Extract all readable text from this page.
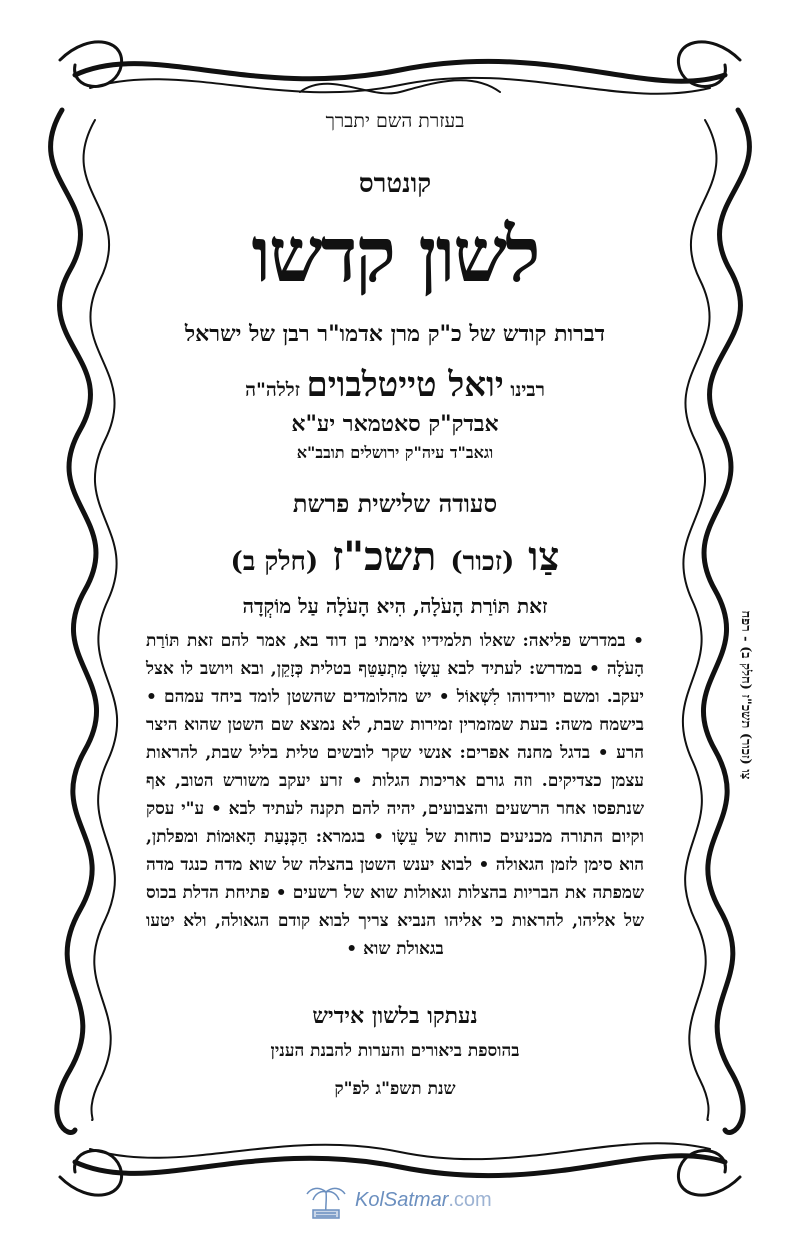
בעזרת השם יתברך
קונטרס
לשון קדשו
דברות קודש של כ"ק מרן אדמו"ר רבן של ישראל
רבינו יואל טייטלבוים זללה"ה
אבדק"ק סאטמאר יע"א
וגאב"ד עיה"ק ירושלים תובב"א
סעודה שלישית פרשת
צַו (זכור) תשכ"ז (חלק ב)
זאת תּוֹרַת הָעֹלָה, הִיא הָעֹלָה עַל מוֹקְדָה
• במדרש פליאה: שאלו תלמידיו אימתי בן דוד בא, אמר להם זאת תּוֹרַת הָעֹלָה • במדרש: לעתיד לבא עֵשָׂו מִתְעַטֵּף בטלית כְּזָקֵן, ובא ויושב לו אצל יעקב. ומשם יורידוהו לִשְׁאוֹל • יש מהלומדים שהשטן לומד ביחד עמהם • בישמח משה: בעת שמזמרין זמירות שבת, לא נמצא שם השטן שהוא היצר הרע • בדגל מחנה אפרים: אנשי שקר לובשים טלית בליל שבת, להראות עצמן כצדיקים. וזה גורם אריכות הגלות • זרע יעקב משורש הטוב, אף שנתפסו אחר הרשעים והצבועים, יהיה להם תקנה לעתיד לבא • ע"י עסק וקיום התורה מכניעים כוחות של עֵשָׂו • בגמרא: הַכְּנָעַת הָאוּמוֹת ומפלתן, הוא סימן לזמן הגאולה • לבוא יענש השטן בהצלה של שוא מדה כנגד מדה שמפתה את הבריות בהצלות וגאולות שוא של רשעים • פתיחת הדלת בכוס של אליהו, להראות כי אליהו הנביא צריך לבוא קודם הגאולה, ולא יטעו בגאולת שוא •
נעתקו בלשון אידיש
בהוספת ביאורים והערות להבנת הענין
שנת תשפ"ג לפ"ק
צַו (זכור) תשכ"ז (חלק ב) - רפח
KolSatmar.com
